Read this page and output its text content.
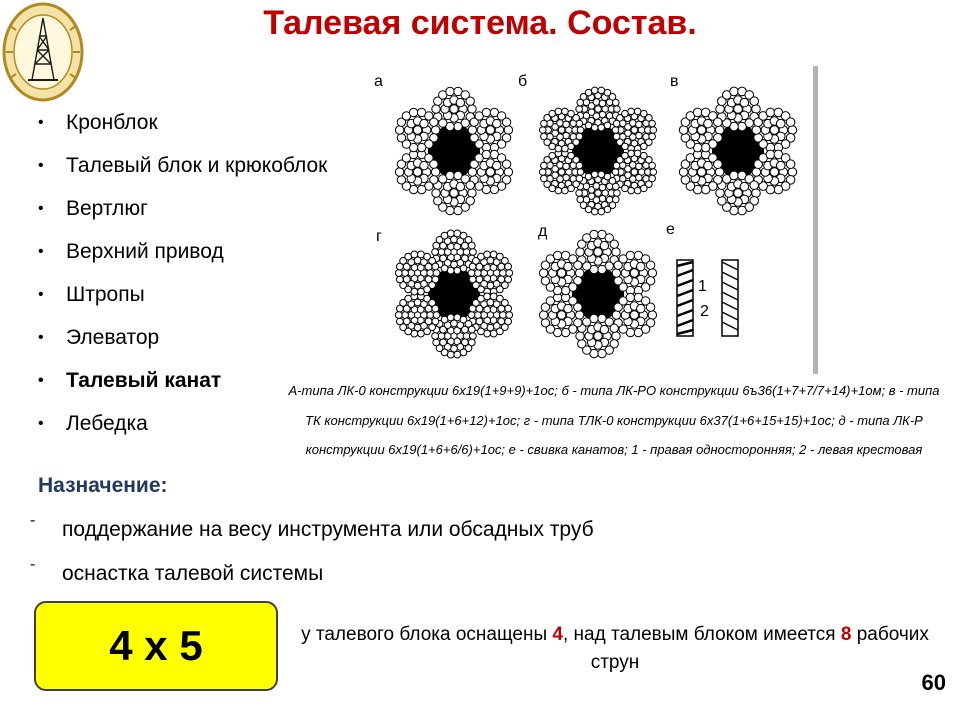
Талевая система. Состав.
• Кронблок
• Талевый блок и крюкоблок
• Вертлюг
• Верхний привод
• Штропы
• Элеватор
• Талевый канат
• Лебедка
Назначение:
- поддержание на весу инструмента или обсадных труб
- оснастка талевой системы
а	б	в
г	д	е
1
2
А-типа ЛК-0 конструкции 6х19(1+9+9)+1ос; б - типа ЛК-РО конструкции 6ъ36(1+7+7/7+14)+1ом; в - типа ТК конструкции 6х19(1+6+12)+1ос; г - типа ТЛК-0 конструкции 6х37(1+6+15+15)+1ос; д - типа ЛК-Р конструкции 6х19(1+6+6/6)+1ос; е - свивка канатов; 1 - правая односторонняя; 2 - левая крестовая
4 х 5	у талевого блока оснащены 4, над талевым блоком имеется 8 рабочих струн
60
